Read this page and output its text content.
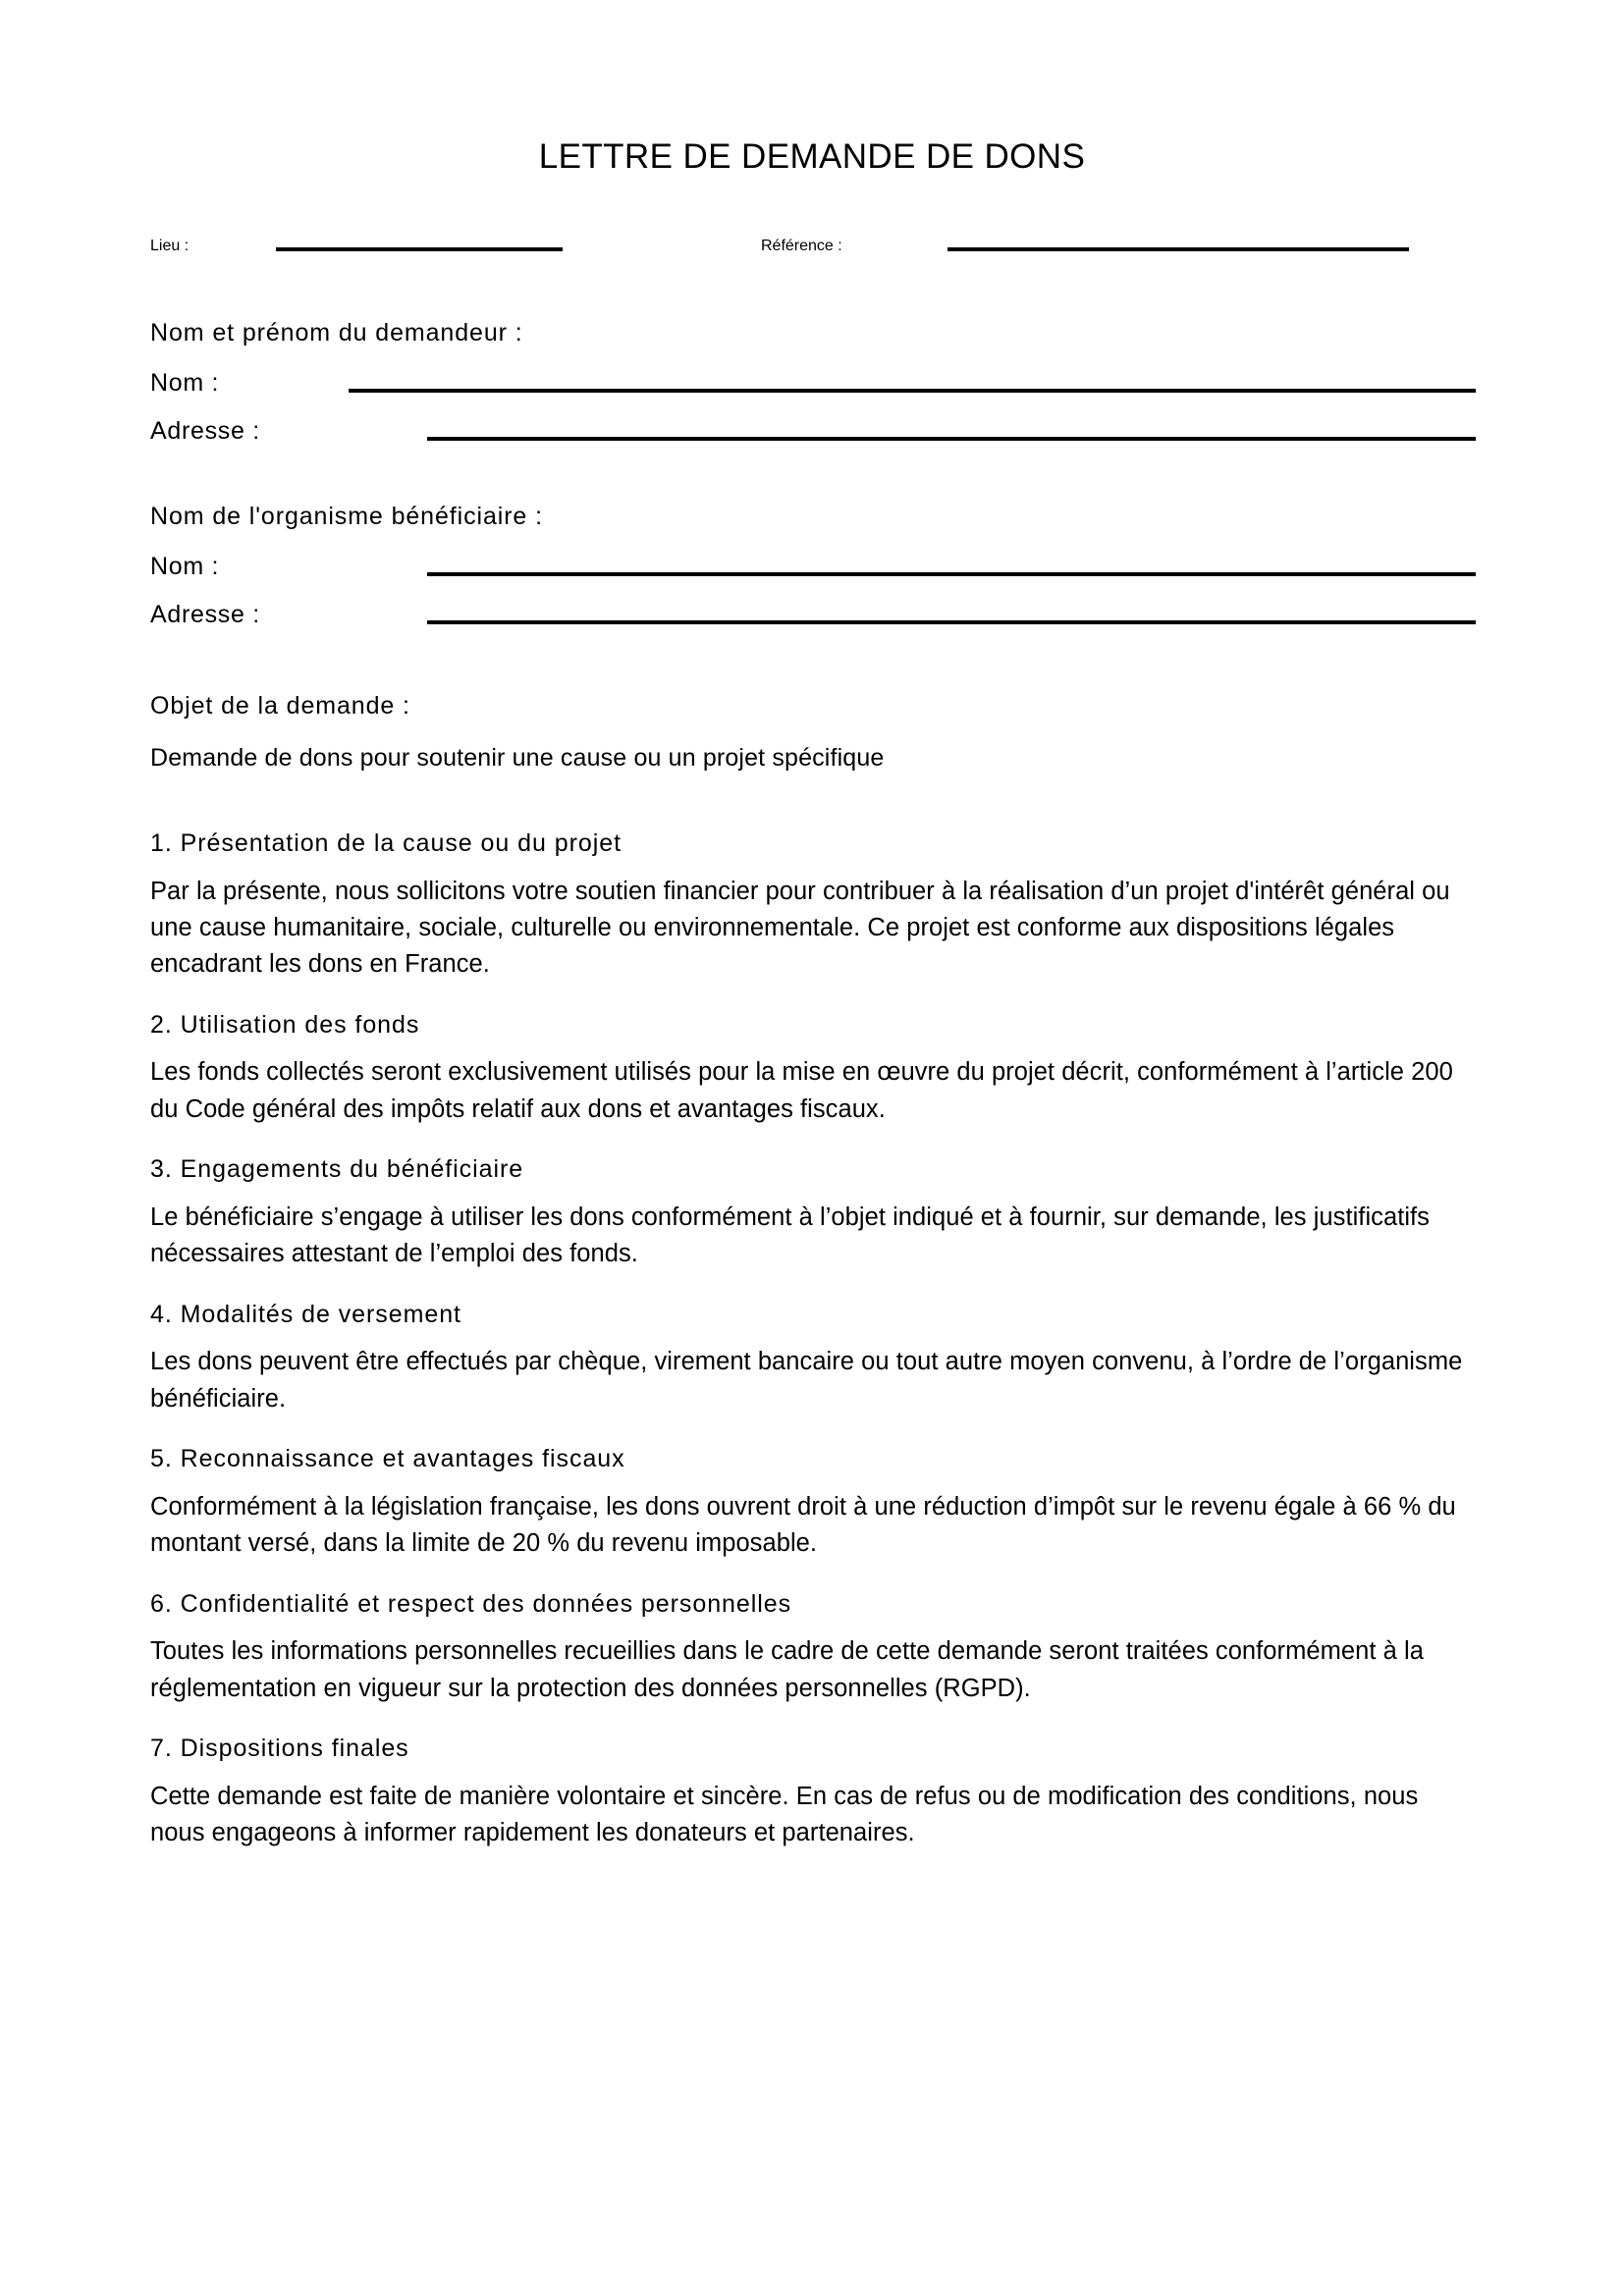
LETTRE DE DEMANDE DE DONS
Lieu :	Référence :
Nom et prénom du demandeur :
Nom :
Adresse :
Nom de l'organisme bénéficiaire :
Nom :
Adresse :
Objet de la demande :
Demande de dons pour soutenir une cause ou un projet spécifique
1. Présentation de la cause ou du projet
Par la présente, nous sollicitons votre soutien financier pour contribuer à la réalisation d’un projet d'intérêt général ou une cause humanitaire, sociale, culturelle ou environnementale. Ce projet est conforme aux dispositions légales encadrant les dons en France.
2. Utilisation des fonds
Les fonds collectés seront exclusivement utilisés pour la mise en œuvre du projet décrit, conformément à l’article 200 du Code général des impôts relatif aux dons et avantages fiscaux.
3. Engagements du bénéficiaire
Le bénéficiaire s’engage à utiliser les dons conformément à l’objet indiqué et à fournir, sur demande, les justificatifs nécessaires attestant de l’emploi des fonds.
4. Modalités de versement
Les dons peuvent être effectués par chèque, virement bancaire ou tout autre moyen convenu, à l’ordre de l’organisme bénéficiaire.
5. Reconnaissance et avantages fiscaux
Conformément à la législation française, les dons ouvrent droit à une réduction d’impôt sur le revenu égale à 66 % du montant versé, dans la limite de 20 % du revenu imposable.
6. Confidentialité et respect des données personnelles
Toutes les informations personnelles recueillies dans le cadre de cette demande seront traitées conformément à la réglementation en vigueur sur la protection des données personnelles (RGPD).
7. Dispositions finales
Cette demande est faite de manière volontaire et sincère. En cas de refus ou de modification des conditions, nous nous engageons à informer rapidement les donateurs et partenaires.
